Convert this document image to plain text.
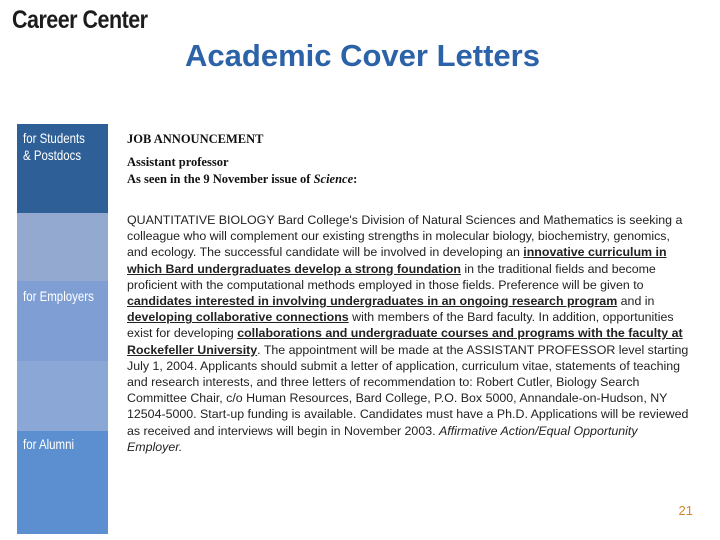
Career Center
Academic Cover Letters
for Students
& Postdocs
for Employers
for Alumni
JOB ANNOUNCEMENT
Assistant professor
As seen in the 9 November issue of Science:
QUANTITATIVE BIOLOGY Bard College's Division of Natural Sciences and Mathematics is seeking a colleague who will complement our existing strengths in molecular biology, biochemistry, genomics, and ecology. The successful candidate will be involved in developing an innovative curriculum in which Bard undergraduates develop a strong foundation in the traditional fields and become proficient with the computational methods employed in those fields. Preference will be given to candidates interested in involving undergraduates in an ongoing research program and in developing collaborative connections with members of the Bard faculty. In addition, opportunities exist for developing collaborations and undergraduate courses and programs with the faculty at Rockefeller University. The appointment will be made at the ASSISTANT PROFESSOR level starting July 1, 2004. Applicants should submit a letter of application, curriculum vitae, statements of teaching and research interests, and three letters of recommendation to: Robert Cutler, Biology Search Committee Chair, c/o Human Resources, Bard College, P.O. Box 5000, Annandale-on-Hudson, NY 12504-5000. Start-up funding is available. Candidates must have a Ph.D. Applications will be reviewed as received and interviews will begin in November 2003. Affirmative Action/Equal Opportunity Employer.
21
